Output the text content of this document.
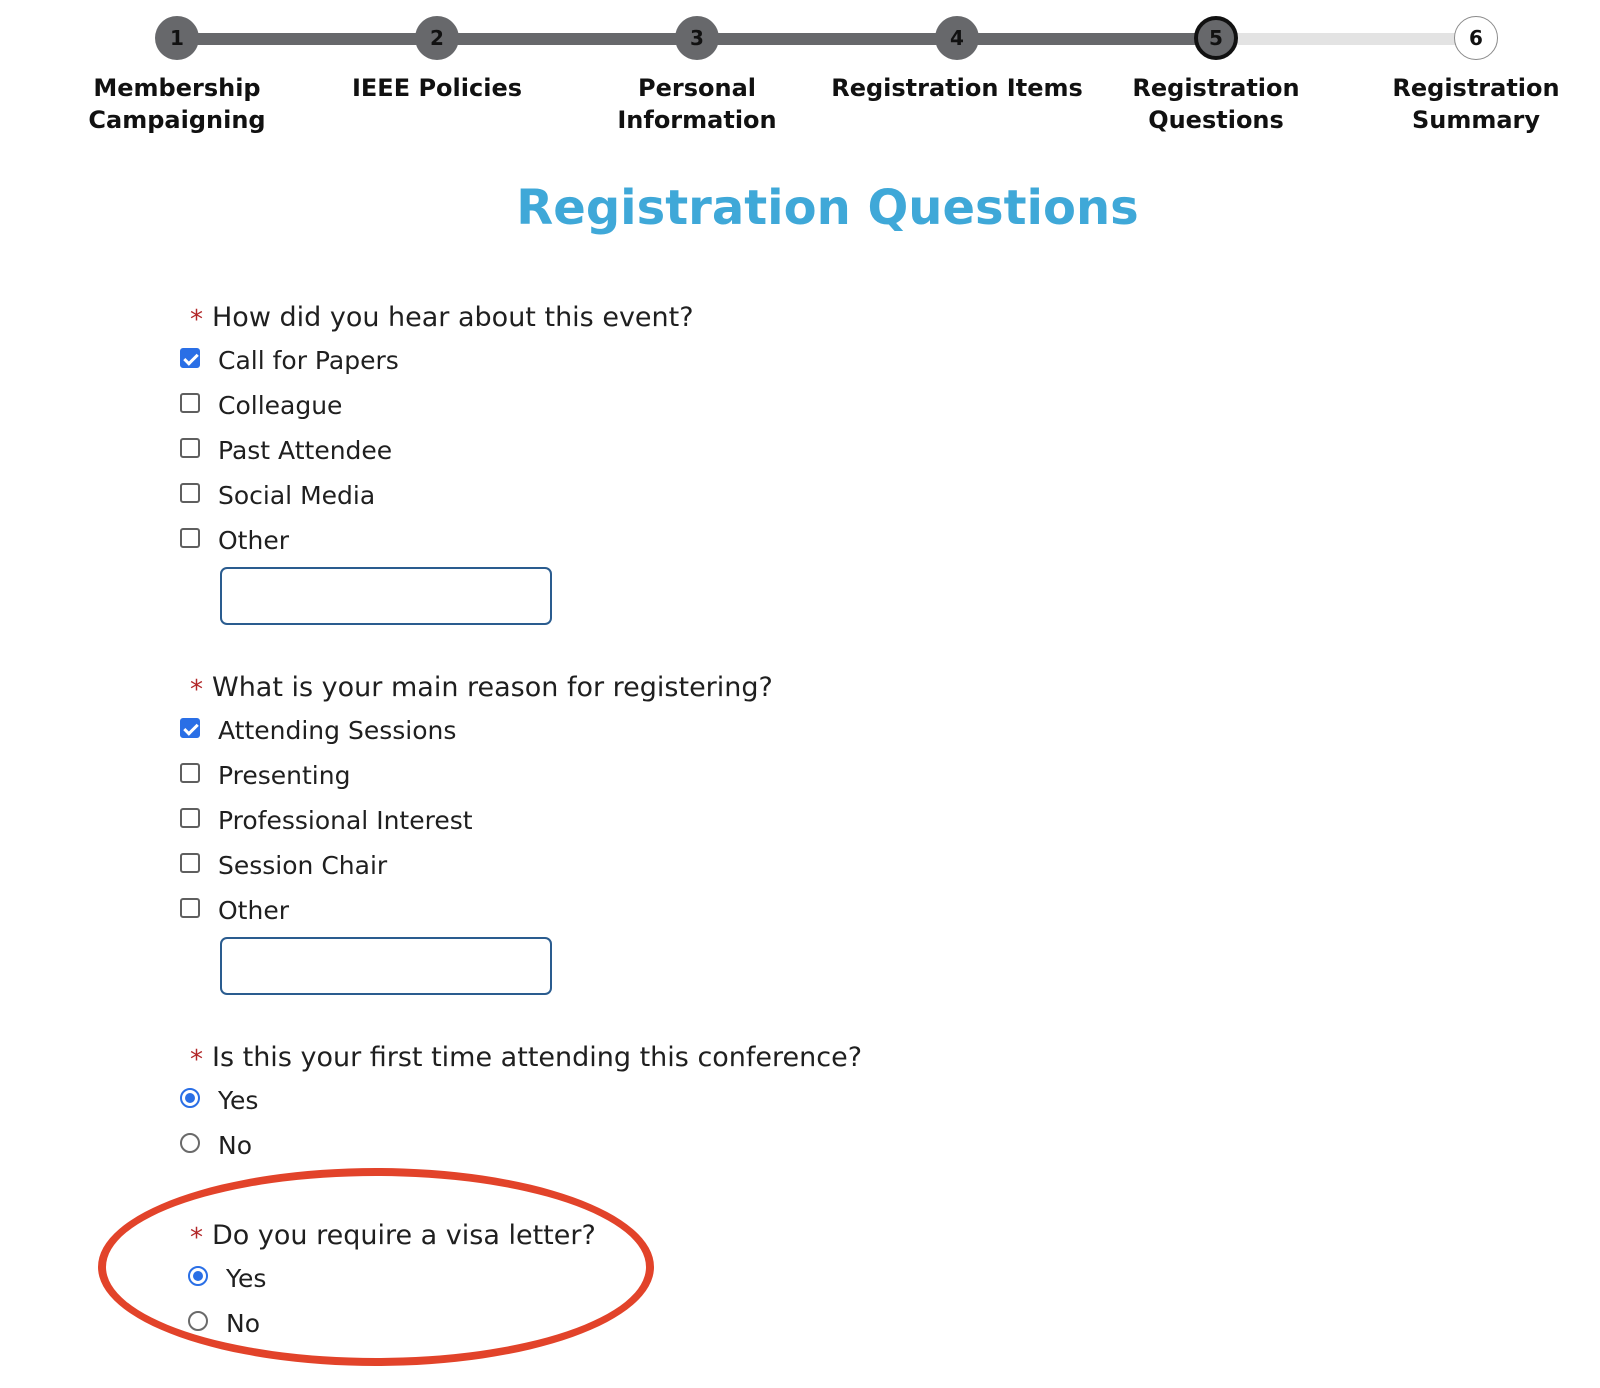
1
Membership
Campaigning
2
IEEE Policies
3
Personal
Information
4
Registration Items
5
Registration
Questions
6
Registration
Summary
Registration Questions
* How did you hear about this event?
Call for Papers
Colleague
Past Attendee
Social Media
Other
* What is your main reason for registering?
Attending Sessions
Presenting
Professional Interest
Session Chair
Other
* Is this your first time attending this conference?
Yes
No
* Do you require a visa letter?
Yes
No
